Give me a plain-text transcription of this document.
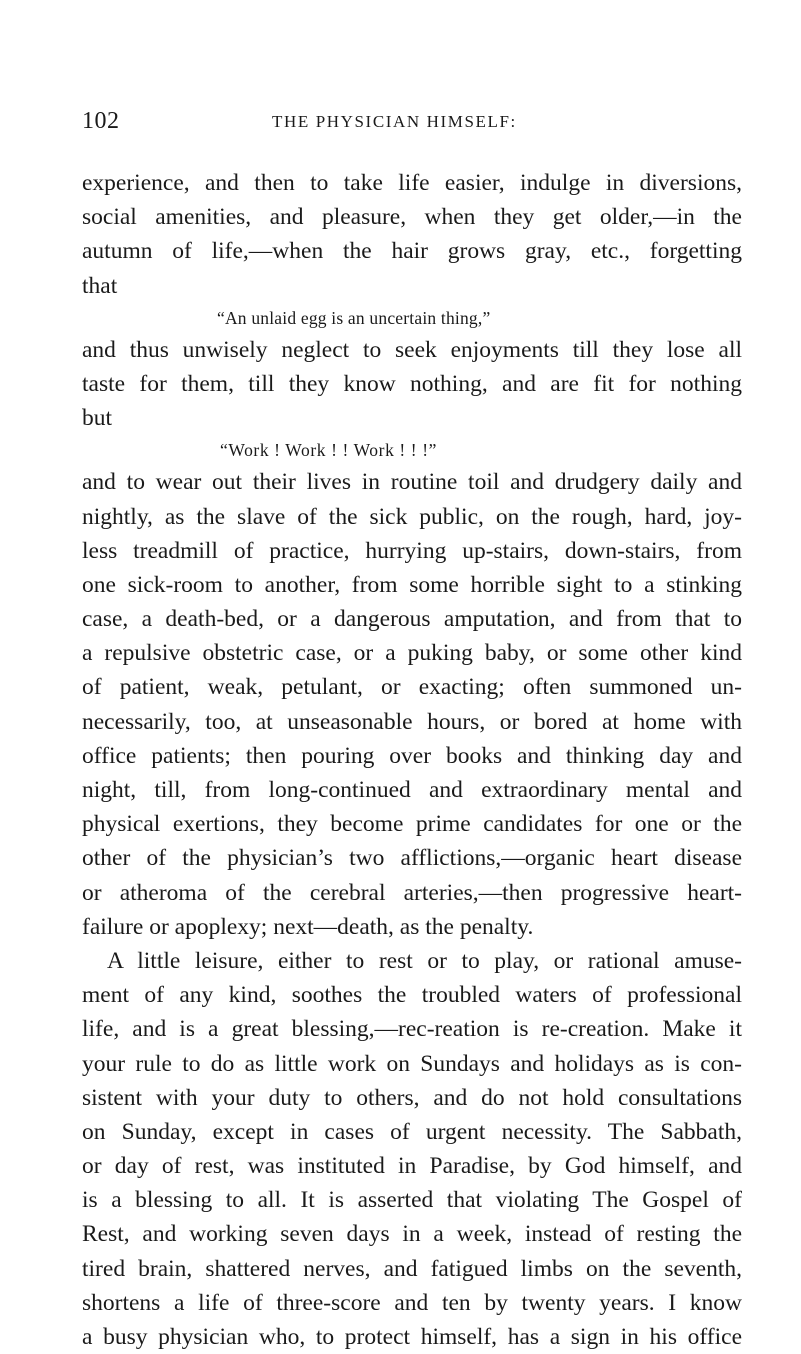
102	THE PHYSICIAN HIMSELF:
experience, and then to take life easier, indulge in diversions,
social amenities, and pleasure, when they get older,—in the
autumn of life,—when the hair grows gray, etc., forgetting
that
“An unlaid egg is an uncertain thing,”
and thus unwisely neglect to seek enjoyments till they lose all
taste for them, till they know nothing, and are fit for nothing
but
“Work ! Work ! ! Work ! ! !”
and to wear out their lives in routine toil and drudgery daily and
nightly, as the slave of the sick public, on the rough, hard, joy-
less treadmill of practice, hurrying up-stairs, down-stairs, from
one sick-room to another, from some horrible sight to a stinking
case, a death-bed, or a dangerous amputation, and from that to
a repulsive obstetric case, or a puking baby, or some other kind
of patient, weak, petulant, or exacting; often summoned un-
necessarily, too, at unseasonable hours, or bored at home with
office patients; then pouring over books and thinking day and
night, till, from long-continued and extraordinary mental and
physical exertions, they become prime candidates for one or the
other of the physician’s two afflictions,—organic heart disease
or atheroma of the cerebral arteries,—then progressive heart-
failure or apoplexy; next—death, as the penalty.
A little leisure, either to rest or to play, or rational amuse-
ment of any kind, soothes the troubled waters of professional
life, and is a great blessing,—rec-reation is re-creation. Make it
your rule to do as little work on Sundays and holidays as is con-
sistent with your duty to others, and do not hold consultations
on Sunday, except in cases of urgent necessity. The Sabbath,
or day of rest, was instituted in Paradise, by God himself, and
is a blessing to all. It is asserted that violating The Gospel of
Rest, and working seven days in a week, instead of resting the
tired brain, shattered nerves, and fatigued limbs on the seventh,
shortens a life of three-score and ten by twenty years. I know
a busy physician who, to protect himself, has a sign in his office
